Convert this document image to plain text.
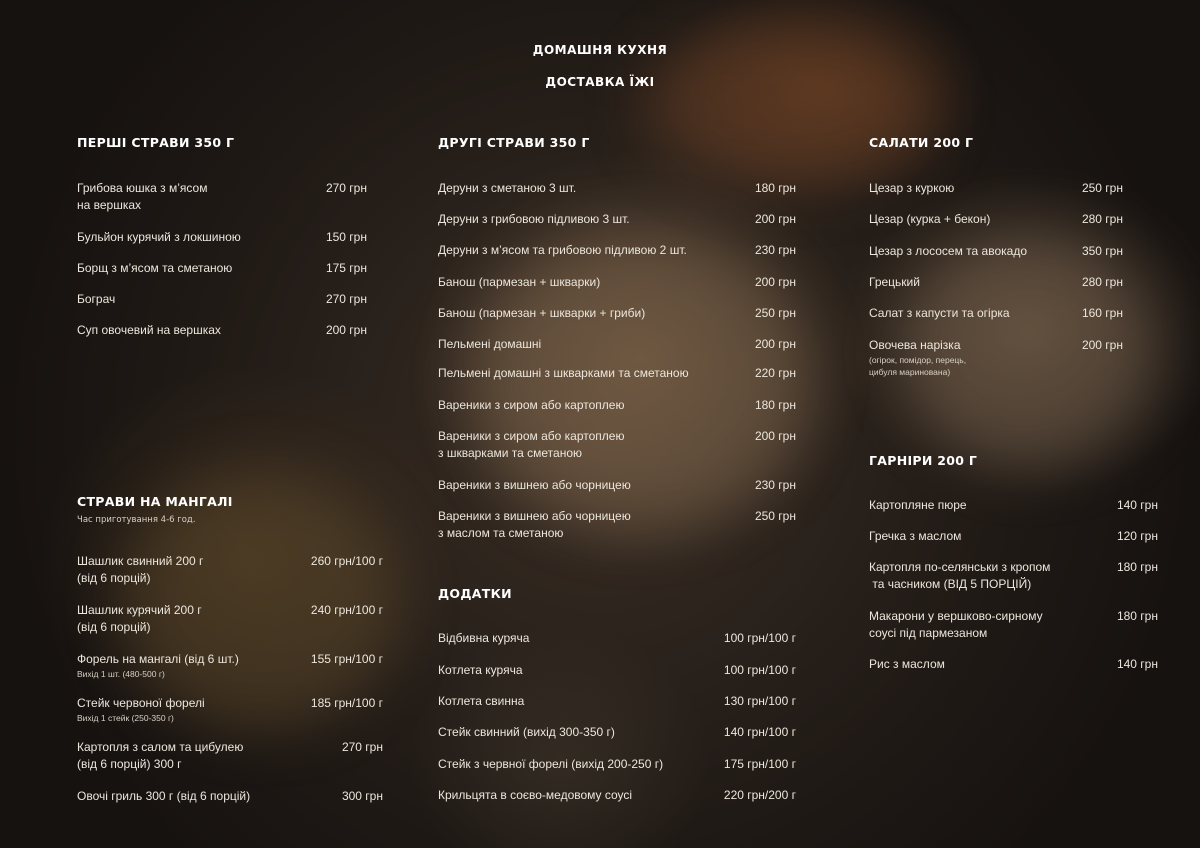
ДОМАШНЯ КУХНЯ
ДОСТАВКА ЇЖІ
ПЕРШІ СТРАВИ 350 Г
Грибова юшка з м’ясом
на вершках
270 грн
Бульйон курячий з локшиною	150 грн
Борщ з м’ясом та сметаною	175 грн
Бограч	270 грн
Суп овочевий на вершках	200 грн
СТРАВИ НА МАНГАЛІ
Час приготування 4-6 год.
Шашлик свинний 200 г
(від 6 порцій)
260 грн/100 г
Шашлик курячий 200 г
(від 6 порцій)
240 грн/100 г
Форель на мангалі (від 6 шт.)	155 грн/100 г
Вихід 1 шт. (480-500 г)
Стейк червоної форелі	185 грн/100 г
Вихід 1 стейк (250-350 г)
Картопля з салом та цибулею
(від 6 порцій) 300 г
270 грн
Овочі гриль 300 г (від 6 порцій)	300 грн
ДРУГІ СТРАВИ 350 Г
Деруни з сметаною 3 шт.	180 грн
Деруни з грибовою підливою 3 шт.	200 грн
Деруни з м’ясом та грибовою підливою 2 шт.	230 грн
Банош (пармезан + шкварки)	200 грн
Банош (пармезан + шкварки + гриби)	250 грн
Пельмені домашні	200 грн
Пельмені домашні з шкварками та сметаною	220 грн
Вареники з сиром або картоплею	180 грн
Вареники з сиром або картоплею
з шкварками та сметаною
200 грн
Вареники з вишнею або чорницею	230 грн
Вареники з вишнею або чорницею
з маслом та сметаною
250 грн
ДОДАТКИ
Відбивна куряча	100 грн/100 г
Котлета куряча	100 грн/100 г
Котлета свинна	130 грн/100 г
Стейк свинний (вихід 300-350 г)	140 грн/100 г
Стейк з червної форелі (вихід 200-250 г)	175 грн/100 г
Крильцята в соєво-медовому соусі	220 грн/200 г
САЛАТИ 200 Г
Цезар з куркою	250 грн
Цезар (курка + бекон)	280 грн
Цезар з лососем та авокадо	350 грн
Грецький	280 грн
Салат з капусти та огірка	160 грн
Овочева нарізка	200 грн
(огірок, помідор, перець,
цибуля маринована)
ГАРНІРИ 200 Г
Картопляне пюре	140 грн
Гречка з маслом	120 грн
Картопля по-селянськи з кропом
та часником (ВІД 5 ПОРЦІЙ)
180 грн
Макарони у вершково-сирному
соусі під пармезаном
180 грн
Рис з маслом	140 грн
